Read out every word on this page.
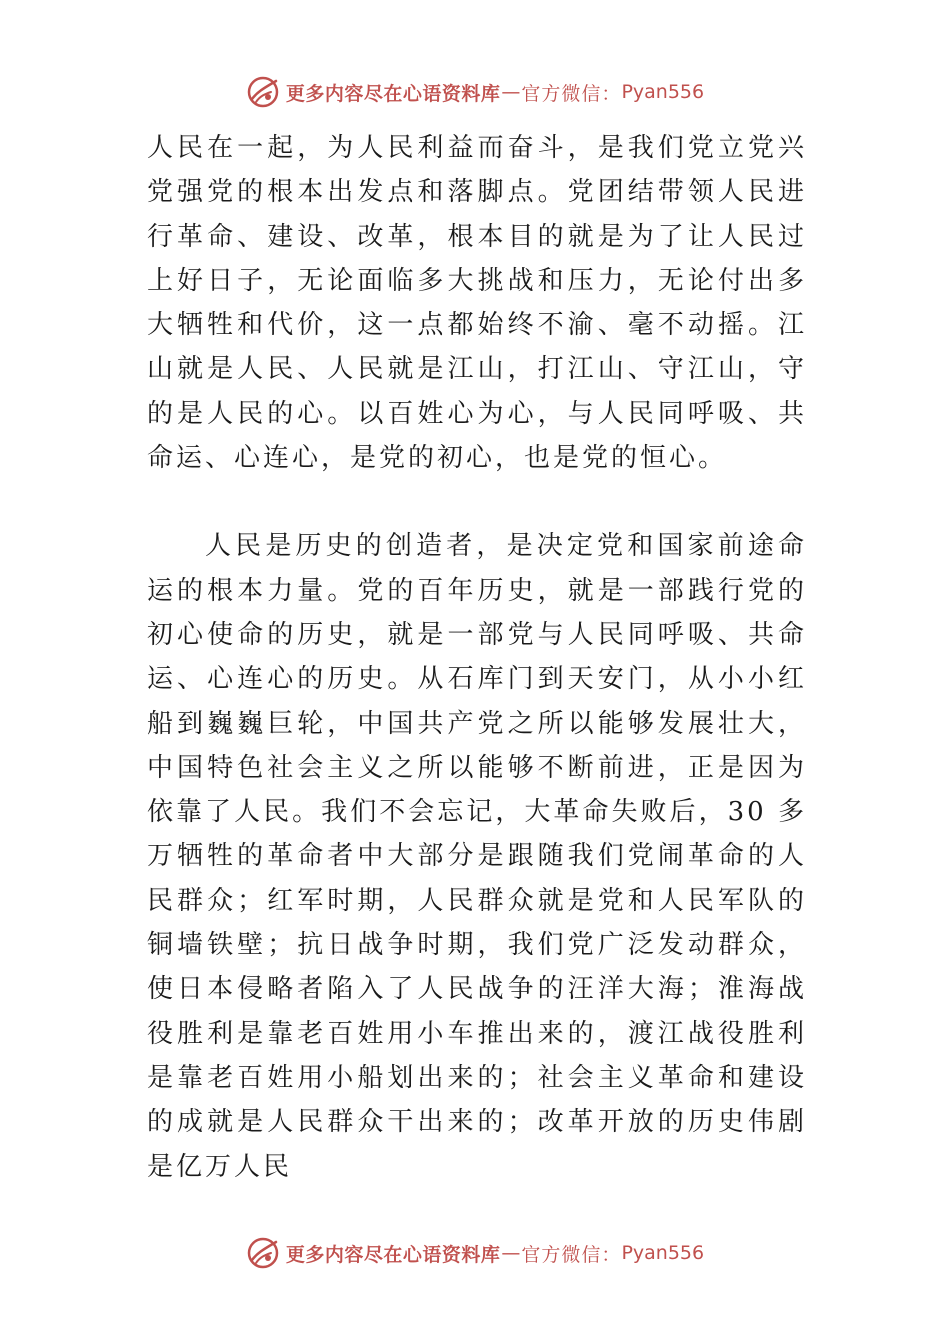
更多内容尽在心语资料库 — 官方微信： Pyan556

人民在一起，为人民利益而奋斗，是我们党立党兴党强党的根本出发点和落脚点。党团结带领人民进行革命、建设、改革，根本目的就是为了让人民过上好日子，无论面临多大挑战和压力，无论付出多大牺牲和代价，这一点都始终不渝、毫不动摇。江山就是人民、人民就是江山，打江山、守江山，守的是人民的心。以百姓心为心，与人民同呼吸、共命运、心连心，是党的初心，也是党的恒心。

人民是历史的创造者，是决定党和国家前途命运的根本力量。党的百年历史，就是一部践行党的初心使命的历史，就是一部党与人民同呼吸、共命运、心连心的历史。从石库门到天安门，从小小红船到巍巍巨轮，中国共产党之所以能够发展壮大，中国特色社会主义之所以能够不断前进，正是因为依靠了人民。我们不会忘记，大革命失败后，30 多万牺牲的革命者中大部分是跟随我们党闹革命的人民群众；红军时期，人民群众就是党和人民军队的铜墙铁壁；抗日战争时期，我们党广泛发动群众，使日本侵略者陷入了人民战争的汪洋大海；淮海战役胜利是靠老百姓用小车推出来的，渡江战役胜利是靠老百姓用小船划出来的；社会主义革命和建设的成就是人民群众干出来的；改革开放的历史伟剧是亿万人民

更多内容尽在心语资料库 — 官方微信： Pyan556
